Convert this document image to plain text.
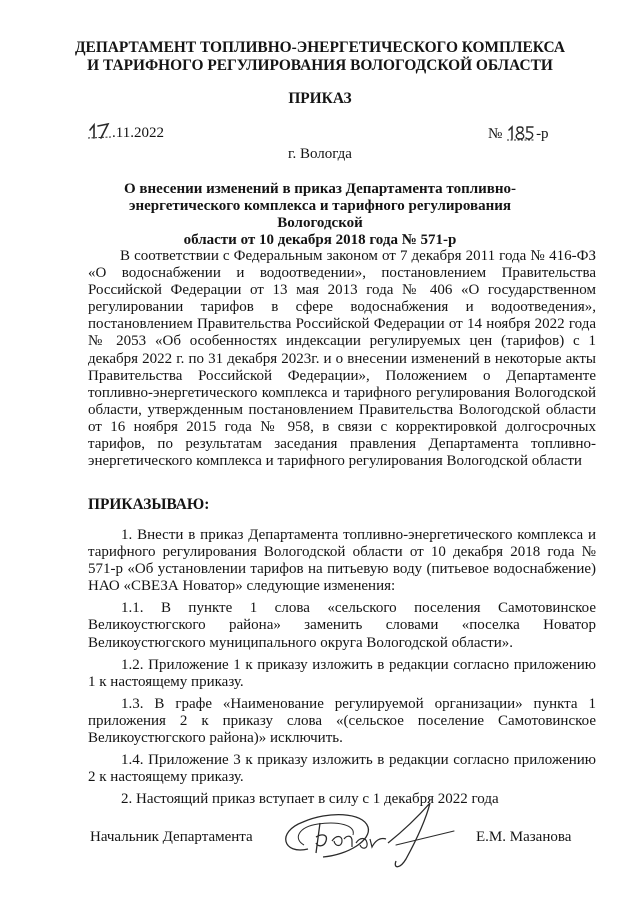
ДЕПАРТАМЕНТ ТОПЛИВНО-ЭНЕРГЕТИЧЕСКОГО КОМПЛЕКСА
И ТАРИФНОГО РЕГУЛИРОВАНИЯ ВОЛОГОДСКОЙ ОБЛАСТИ
ПРИКАЗ
.11.2022	№ -р
г. Вологда
О внесении изменений в приказ Департамента топливно-
энергетического комплекса и тарифного регулирования Вологодской
области от 10 декабря 2018 года № 571-р
В соответствии с Федеральным законом от 7 декабря 2011 года № 416-ФЗ «О водоснабжении и водоотведении», постановлением Правительства Российской Федерации от 13 мая 2013 года № 406 «О государственном регулировании тарифов в сфере водоснабжения и водоотведения», постановлением Правительства Российской Федерации от 14 ноября 2022 года № 2053 «Об особенностях индексации регулируемых цен (тарифов) с 1 декабря 2022 г. по 31 декабря 2023г. и о внесении изменений в некоторые акты Правительства Российской Федерации», Положением о Департаменте топливно-энергетического комплекса и тарифного регулирования Вологодской области, утвержденным постановлением Правительства Вологодской области от 16 ноября 2015 года № 958, в связи с корректировкой долгосрочных тарифов, по результатам заседания правления Департамента топливно-энергетического комплекса и тарифного регулирования Вологодской области
ПРИКАЗЫВАЮ:

1. Внести в приказ Департамента топливно-энергетического комплекса и тарифного регулирования Вологодской области от 10 декабря 2018 года № 571-р «Об установлении тарифов на питьевую воду (питьевое водоснабжение) НАО «СВЕЗА Новатор» следующие изменения:

1.1. В пункте 1 слова «сельского поселения Самотовинское Великоустюгского района» заменить словами «поселка Новатор Великоустюгского муниципального округа Вологодской области».

1.2. Приложение 1 к приказу изложить в редакции согласно приложению 1 к настоящему приказу.

1.3. В графе «Наименование регулируемой организации» пункта 1 приложения 2 к приказу слова «(сельское поселение Самотовинское Великоустюгского района)» исключить.

1.4. Приложение 3 к приказу изложить в редакции согласно приложению 2 к настоящему приказу.

2. Настоящий приказ вступает в силу с 1 декабря 2022 года

Начальник Департамента	Е.М. Мазанова
